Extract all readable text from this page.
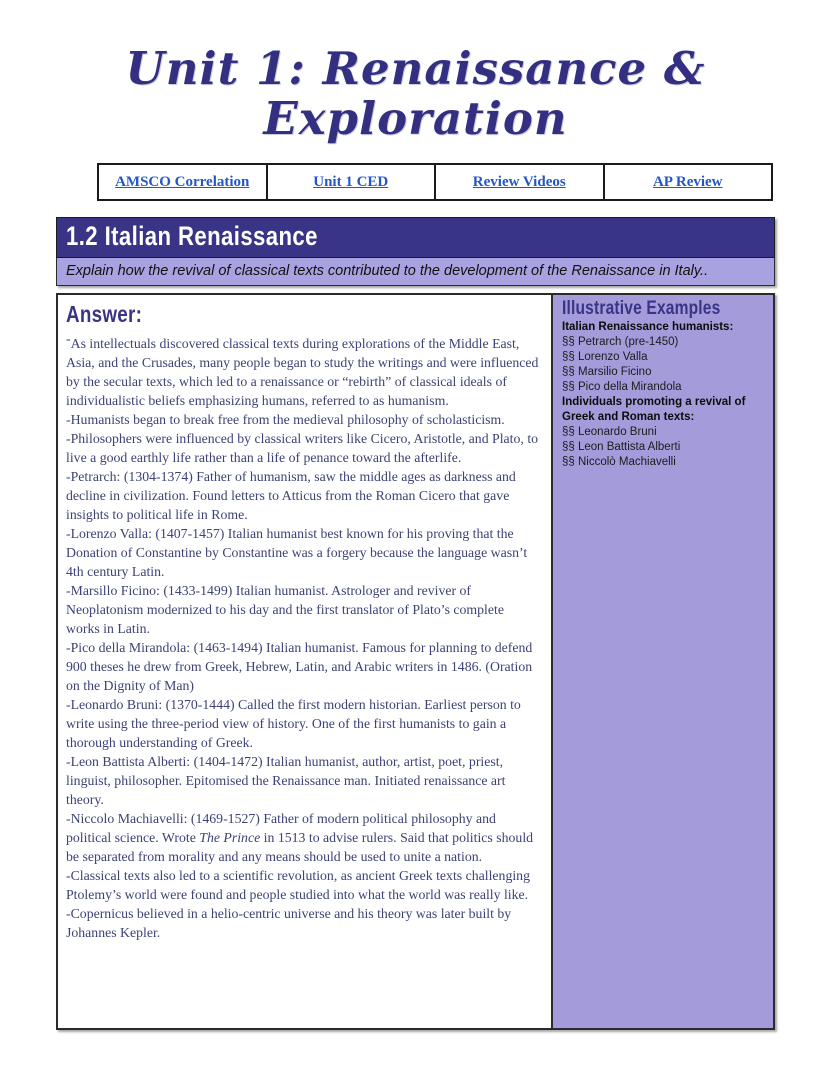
Unit 1: Renaissance & Exploration
AMSCO Correlation	Unit 1 CED	Review Videos	AP Review
1.2 Italian Renaissance
Explain how the revival of classical texts contributed to the development of the Renaissance in Italy..
Answer:

-As intellectuals discovered classical texts during explorations of the Middle East, Asia, and the Crusades, many people began to study the writings and were influenced by the secular texts, which led to a renaissance or “rebirth” of classical ideals of individualistic beliefs emphasizing humans, referred to as humanism.

-Humanists began to break free from the medieval philosophy of scholasticism.

-Philosophers were influenced by classical writers like Cicero, Aristotle, and Plato, to live a good earthly life rather than a life of penance toward the afterlife.

-Petrarch: (1304-1374) Father of humanism, saw the middle ages as darkness and decline in civilization. Found letters to Atticus from the Roman Cicero that gave insights to political life in Rome.

-Lorenzo Valla: (1407-1457) Italian humanist best known for his proving that the Donation of Constantine by Constantine was a forgery because the language wasn’t 4th century Latin.

-Marsillo Ficino: (1433-1499) Italian humanist. Astrologer and reviver of Neoplatonism modernized to his day and the first translator of Plato’s complete works in Latin.

-Pico della Mirandola: (1463-1494) Italian humanist. Famous for planning to defend 900 theses he drew from Greek, Hebrew, Latin, and Arabic writers in 1486. (Oration on the Dignity of Man)

-Leonardo Bruni: (1370-1444) Called the first modern historian. Earliest person to write using the three-period view of history. One of the first humanists to gain a thorough understanding of Greek.

-Leon Battista Alberti: (1404-1472) Italian humanist, author, artist, poet, priest, linguist, philosopher. Epitomised the Renaissance man. Initiated renaissance art theory.

-Niccolo Machiavelli: (1469-1527) Father of modern political philosophy and political science. Wrote The Prince in 1513 to advise rulers. Said that politics should be separated from morality and any means should be used to unite a nation.

-Classical texts also led to a scientific revolution, as ancient Greek texts challenging Ptolemy’s world were found and people studied into what the world was really like.

-Copernicus believed in a helio-centric universe and his theory was later built by Johannes Kepler.

Illustrative Examples
Italian Renaissance humanists:
§§ Petrarch (pre-1450)
§§ Lorenzo Valla
§§ Marsilio Ficino
§§ Pico della Mirandola
Individuals promoting a revival of Greek and Roman texts:
§§ Leonardo Bruni
§§ Leon Battista Alberti
§§ Niccolò Machiavelli
